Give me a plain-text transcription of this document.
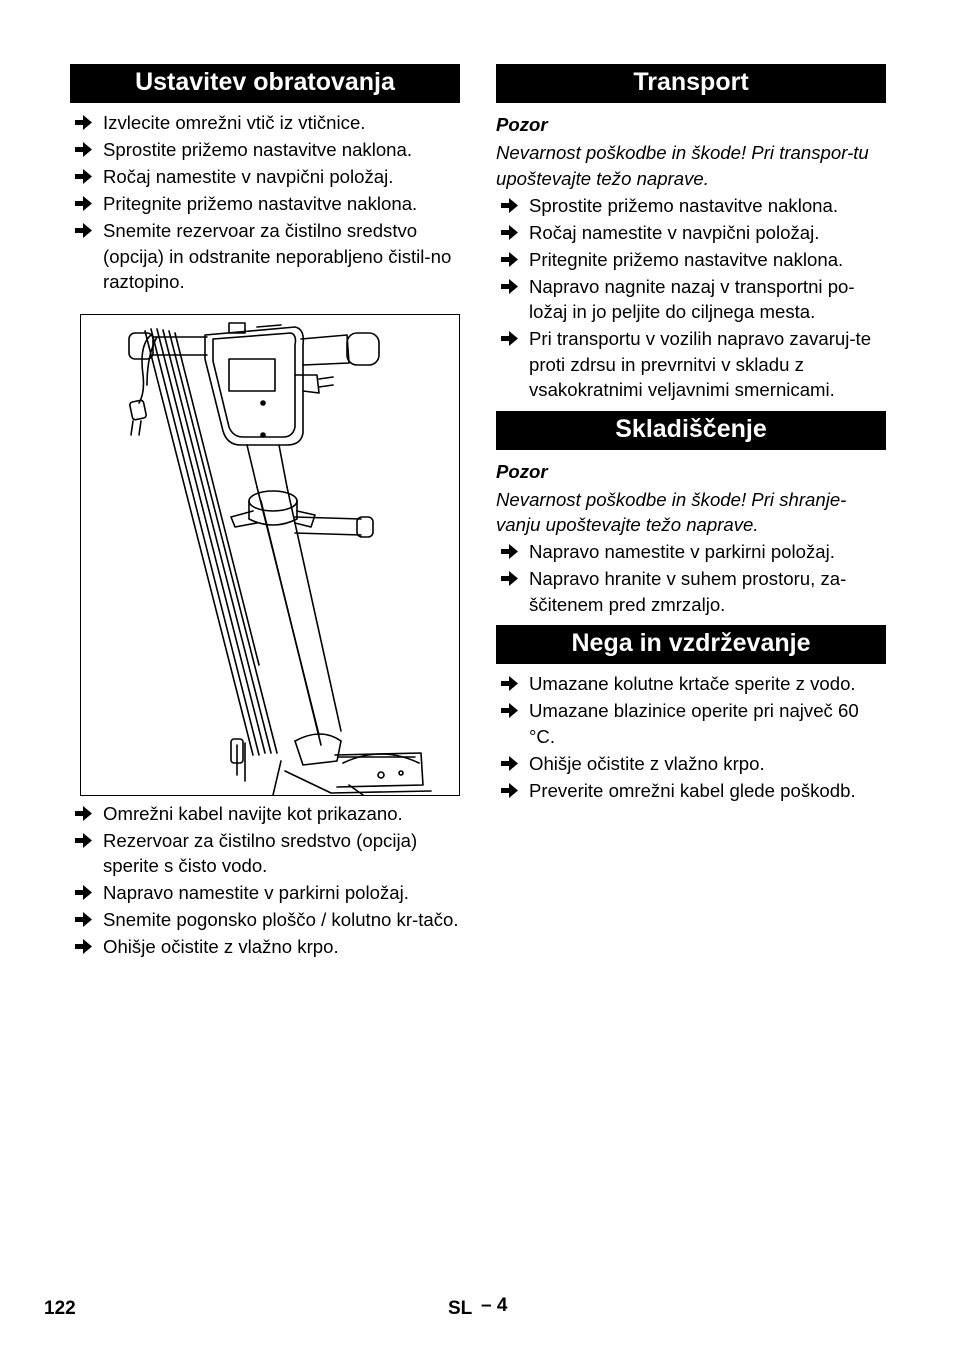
Ustavitev obratovanja
Izvlecite omrežni vtič iz vtičnice.
Sprostite prižemo nastavitve naklona.
Ročaj namestite v navpični položaj.
Pritegnite prižemo nastavitve naklona.
Snemite rezervoar za čistilno sredstvo (opcija) in odstranite neporabljeno čistil-no raztopino.
Omrežni kabel navijte kot prikazano.
Rezervoar za čistilno sredstvo (opcija) sperite s čisto vodo.
Napravo namestite v parkirni položaj.
Snemite pogonsko ploščo / kolutno kr-tačo.
Ohišje očistite z vlažno krpo.
Transport
Pozor
Nevarnost poškodbe in škode! Pri transpor-tu upoštevajte težo naprave.
Sprostite prižemo nastavitve naklona.
Ročaj namestite v navpični položaj.
Pritegnite prižemo nastavitve naklona.
Napravo nagnite nazaj v transportni po-ložaj in jo peljite do ciljnega mesta.
Pri transportu v vozilih napravo zavaruj-te proti zdrsu in prevrnitvi v skladu z vsakokratnimi veljavnimi smernicami.
Skladiščenje
Pozor
Nevarnost poškodbe in škode! Pri shranje-vanju upoštevajte težo naprave.
Napravo namestite v parkirni položaj.
Napravo hranite v suhem prostoru, za-ščitenem pred zmrzaljo.
Nega in vzdrževanje
Umazane kolutne krtače sperite z vodo.
Umazane blazinice operite pri največ 60 °C.
Ohišje očistite z vlažno krpo.
Preverite omrežni kabel glede poškodb.
122	SL – 4
